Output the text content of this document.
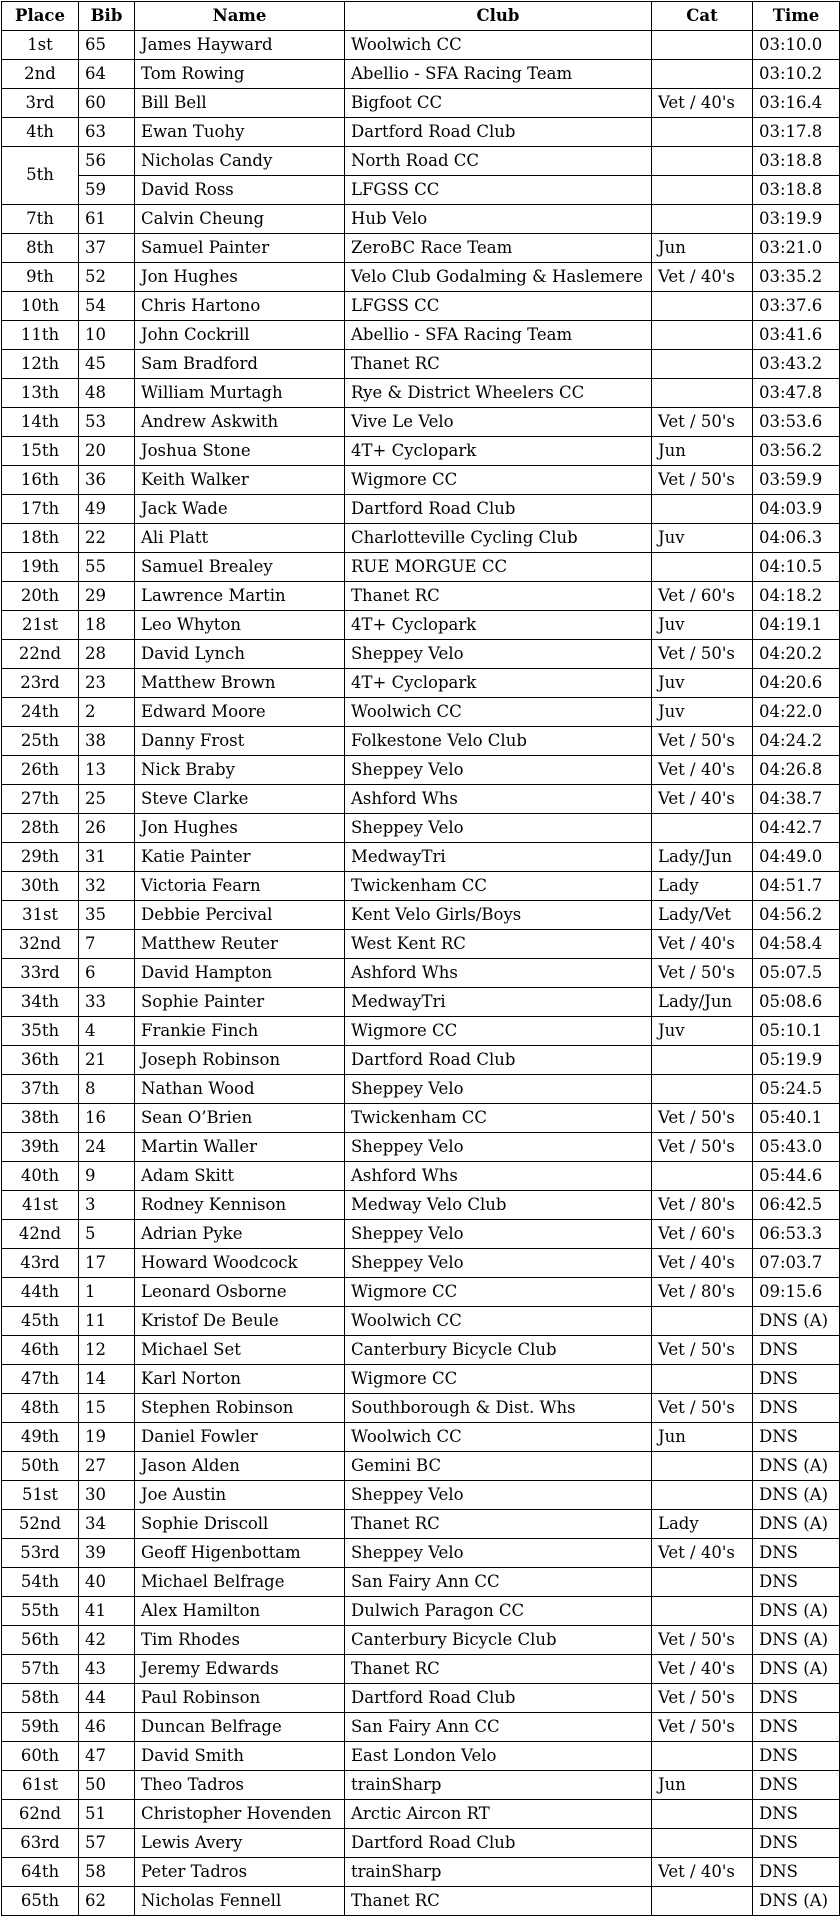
Place	Bib	Name	Club	Cat	Time
1st	65	James Hayward	Woolwich CC		03:10.0
2nd	64	Tom Rowing	Abellio - SFA Racing Team		03:10.2
3rd	60	Bill Bell	Bigfoot CC	Vet / 40's	03:16.4
4th	63	Ewan Tuohy	Dartford Road Club		03:17.8
5th	56	Nicholas Candy	North Road CC		03:18.8
	59	David Ross	LFGSS CC		03:18.8
7th	61	Calvin Cheung	Hub Velo		03:19.9
8th	37	Samuel Painter	ZeroBC Race Team	Jun	03:21.0
9th	52	Jon Hughes	Velo Club Godalming & Haslemere	Vet / 40's	03:35.2
10th	54	Chris Hartono	LFGSS CC		03:37.6
11th	10	John Cockrill	Abellio - SFA Racing Team		03:41.6
12th	45	Sam Bradford	Thanet RC		03:43.2
13th	48	William Murtagh	Rye & District Wheelers CC		03:47.8
14th	53	Andrew Askwith	Vive Le Velo	Vet / 50's	03:53.6
15th	20	Joshua Stone	4T+ Cyclopark	Jun	03:56.2
16th	36	Keith Walker	Wigmore CC	Vet / 50's	03:59.9
17th	49	Jack Wade	Dartford Road Club		04:03.9
18th	22	Ali Platt	Charlotteville Cycling Club	Juv	04:06.3
19th	55	Samuel Brealey	RUE MORGUE CC		04:10.5
20th	29	Lawrence Martin	Thanet RC	Vet / 60's	04:18.2
21st	18	Leo Whyton	4T+ Cyclopark	Juv	04:19.1
22nd	28	David Lynch	Sheppey Velo	Vet / 50's	04:20.2
23rd	23	Matthew Brown	4T+ Cyclopark	Juv	04:20.6
24th	2	Edward Moore	Woolwich CC	Juv	04:22.0
25th	38	Danny Frost	Folkestone Velo Club	Vet / 50's	04:24.2
26th	13	Nick Braby	Sheppey Velo	Vet / 40's	04:26.8
27th	25	Steve Clarke	Ashford Whs	Vet / 40's	04:38.7
28th	26	Jon Hughes	Sheppey Velo		04:42.7
29th	31	Katie Painter	MedwayTri	Lady/Jun	04:49.0
30th	32	Victoria Fearn	Twickenham CC	Lady	04:51.7
31st	35	Debbie Percival	Kent Velo Girls/Boys	Lady/Vet	04:56.2
32nd	7	Matthew Reuter	West Kent RC	Vet / 40's	04:58.4
33rd	6	David Hampton	Ashford Whs	Vet / 50's	05:07.5
34th	33	Sophie Painter	MedwayTri	Lady/Jun	05:08.6
35th	4	Frankie Finch	Wigmore CC	Juv	05:10.1
36th	21	Joseph Robinson	Dartford Road Club		05:19.9
37th	8	Nathan Wood	Sheppey Velo		05:24.5
38th	16	Sean O’Brien	Twickenham CC	Vet / 50's	05:40.1
39th	24	Martin Waller	Sheppey Velo	Vet / 50's	05:43.0
40th	9	Adam Skitt	Ashford Whs		05:44.6
41st	3	Rodney Kennison	Medway Velo Club	Vet / 80's	06:42.5
42nd	5	Adrian Pyke	Sheppey Velo	Vet / 60's	06:53.3
43rd	17	Howard Woodcock	Sheppey Velo	Vet / 40's	07:03.7
44th	1	Leonard Osborne	Wigmore CC	Vet / 80's	09:15.6
45th	11	Kristof De Beule	Woolwich CC		DNS (A)
46th	12	Michael Set	Canterbury Bicycle Club	Vet / 50's	DNS
47th	14	Karl Norton	Wigmore CC		DNS
48th	15	Stephen Robinson	Southborough & Dist. Whs	Vet / 50's	DNS
49th	19	Daniel Fowler	Woolwich CC	Jun	DNS
50th	27	Jason Alden	Gemini BC		DNS (A)
51st	30	Joe Austin	Sheppey Velo		DNS (A)
52nd	34	Sophie Driscoll	Thanet RC	Lady	DNS (A)
53rd	39	Geoff Higenbottam	Sheppey Velo	Vet / 40's	DNS
54th	40	Michael Belfrage	San Fairy Ann CC		DNS
55th	41	Alex Hamilton	Dulwich Paragon CC		DNS (A)
56th	42	Tim Rhodes	Canterbury Bicycle Club	Vet / 50's	DNS (A)
57th	43	Jeremy Edwards	Thanet RC	Vet / 40's	DNS (A)
58th	44	Paul Robinson	Dartford Road Club	Vet / 50's	DNS
59th	46	Duncan Belfrage	San Fairy Ann CC	Vet / 50's	DNS
60th	47	David Smith	East London Velo		DNS
61st	50	Theo Tadros	trainSharp	Jun	DNS
62nd	51	Christopher Hovenden	Arctic Aircon RT		DNS
63rd	57	Lewis Avery	Dartford Road Club		DNS
64th	58	Peter Tadros	trainSharp	Vet / 40's	DNS
65th	62	Nicholas Fennell	Thanet RC		DNS (A)
